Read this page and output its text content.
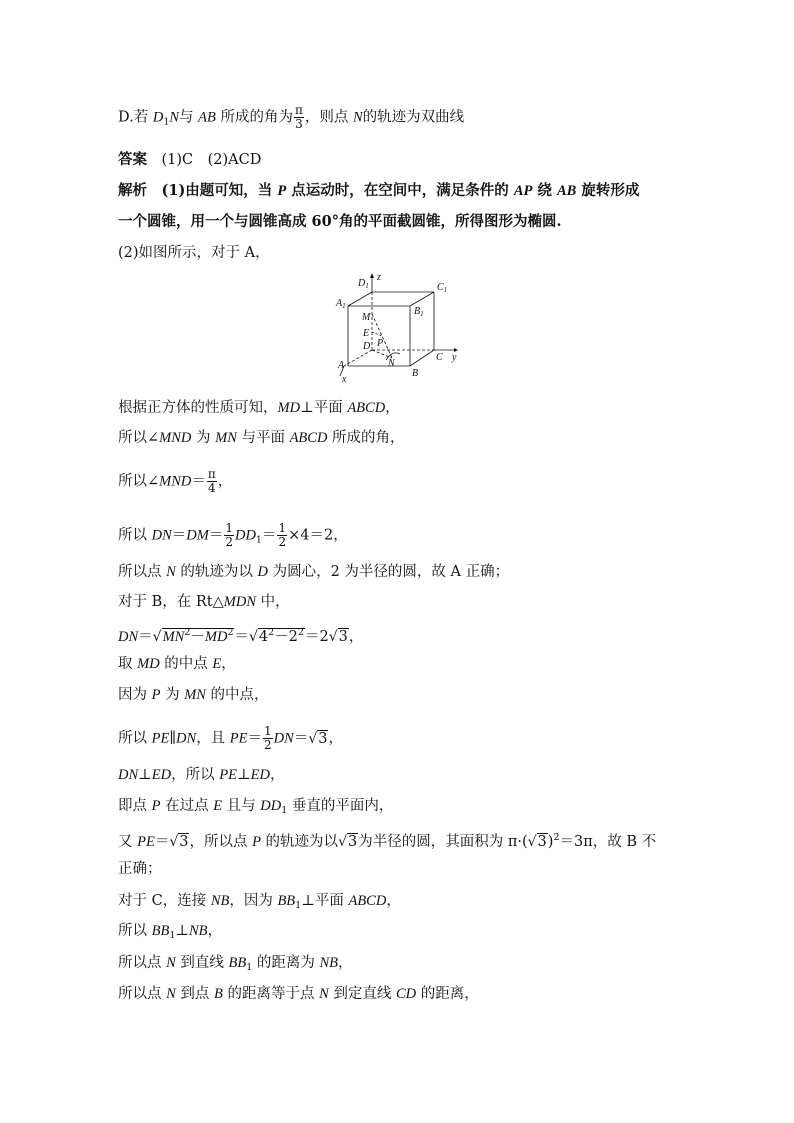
D.若 $D_1N$与 AB 所成的角为 $\frac{\pi}{3}$ ，则点 N的轨迹为双曲线
答案　 (1)C　(2)ACD
解析　 (1)由题可知，当 P 点运动时，在空间中，满足条件的 AP 绕 AB 旋转形成
一个圆锥，用一个与圆锥高成 60°角的平面截圆锥，所得图形为椭圆.
(2)如图所示，对于 A，
$D_1$
z
$C_1$
$A_1$	$B_1$
M
E
D P
C y
A	N
B
x
根据正方体的性质可知，MD⊥平面 ABCD，
所以∠MND 为 MN 与平面 ABCD 所成的角，
所以∠MND＝ $\frac{\pi}{4}$ ，
所以 $DN=DM= \frac{1}{2} DD_1= \frac{1}{2} \times 4=2$，
所以点 N 的轨迹为以 D 为圆心，2 为半径的圆，故 A 正确；
对于 B，在 Rt△MDN 中，
$DN=√MN^2-MD^2=√4^2-2^2=2√3$，
取 MD 的中点 E，
因为 P 为 MN 的中点，
所以 PE∥DN，且 $PE= \frac{1}{2} DN=√3$，
DN⊥ED，所以 PE⊥ED，
即点 P 在过点 E 且与 $DD_1$ 垂直的平面内，
又 PE＝√3，所以点 P 的轨迹为以√3为半径的圆，其面积为 $\pi\cdot(√3)^2=3\pi$，故 B 不
正确；
对于 C，连接 NB，因为 $BB_1\perp$平面 ABCD，
所以 $BB_1\perp NB$，
所以点 N 到直线 $BB_1$ 的距离为 NB，
所以点 N 到点 B 的距离等于点 N 到定直线 CD 的距离，
